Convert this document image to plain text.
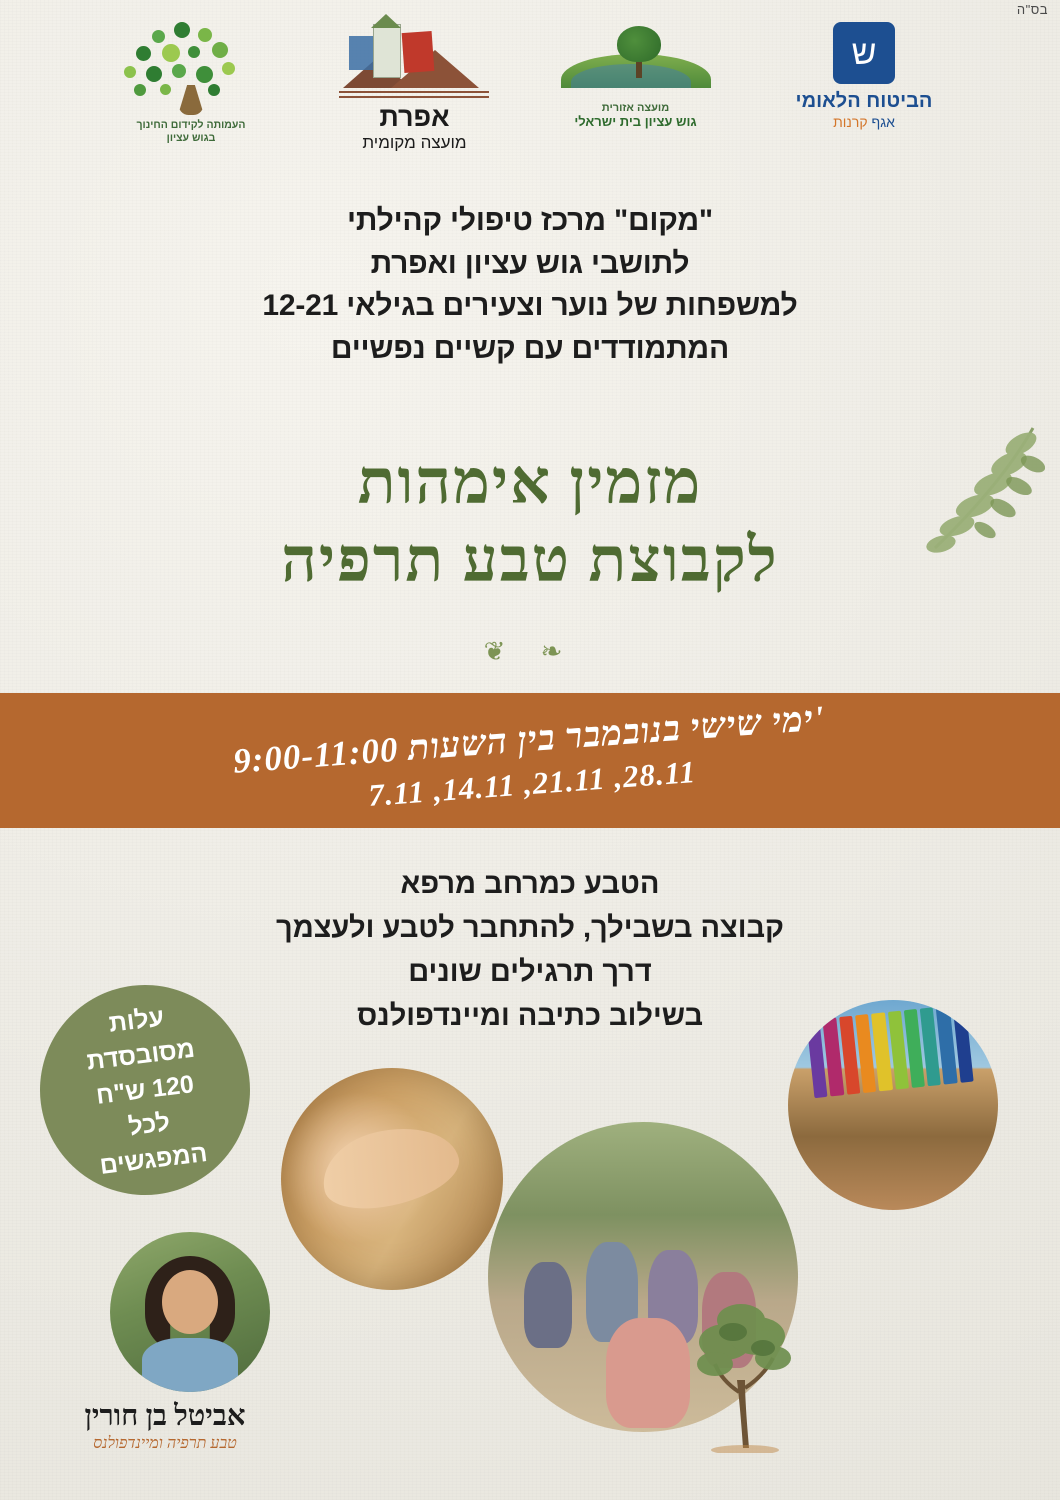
בס"ה
העמותה לקידום החינוך
בגוש עציון
אפרת
מועצה מקומית
מועצה אזורית
גוש עציון בית ישראלי
ש
הביטוח הלאומי
אגף קרנות
"מקום" מרכז טיפולי קהילתי
לתושבי גוש עציון ואפרת
למשפחות של נוער וצעירים בגילאי 12-21
המתמודדים עם קשיים נפשיים
מזמין אימהות
לקבוצת טבע תרפיה
❧ ❦
'ימי שישי בנובמבר בין השעות 9:00-11:00
7.11 ,14.11 ,21.11 ,28.11
הטבע כמרחב מרפא
קבוצה בשבילך, להתחבר לטבע ולעצמך
דרך תרגילים שונים
בשילוב כתיבה ומיינדפולנס
עלות
מסובסדת
120 ש"ח
לכל
המפגשים
אביטל בן חורין
טבע תרפיה ומיינדפולנס
